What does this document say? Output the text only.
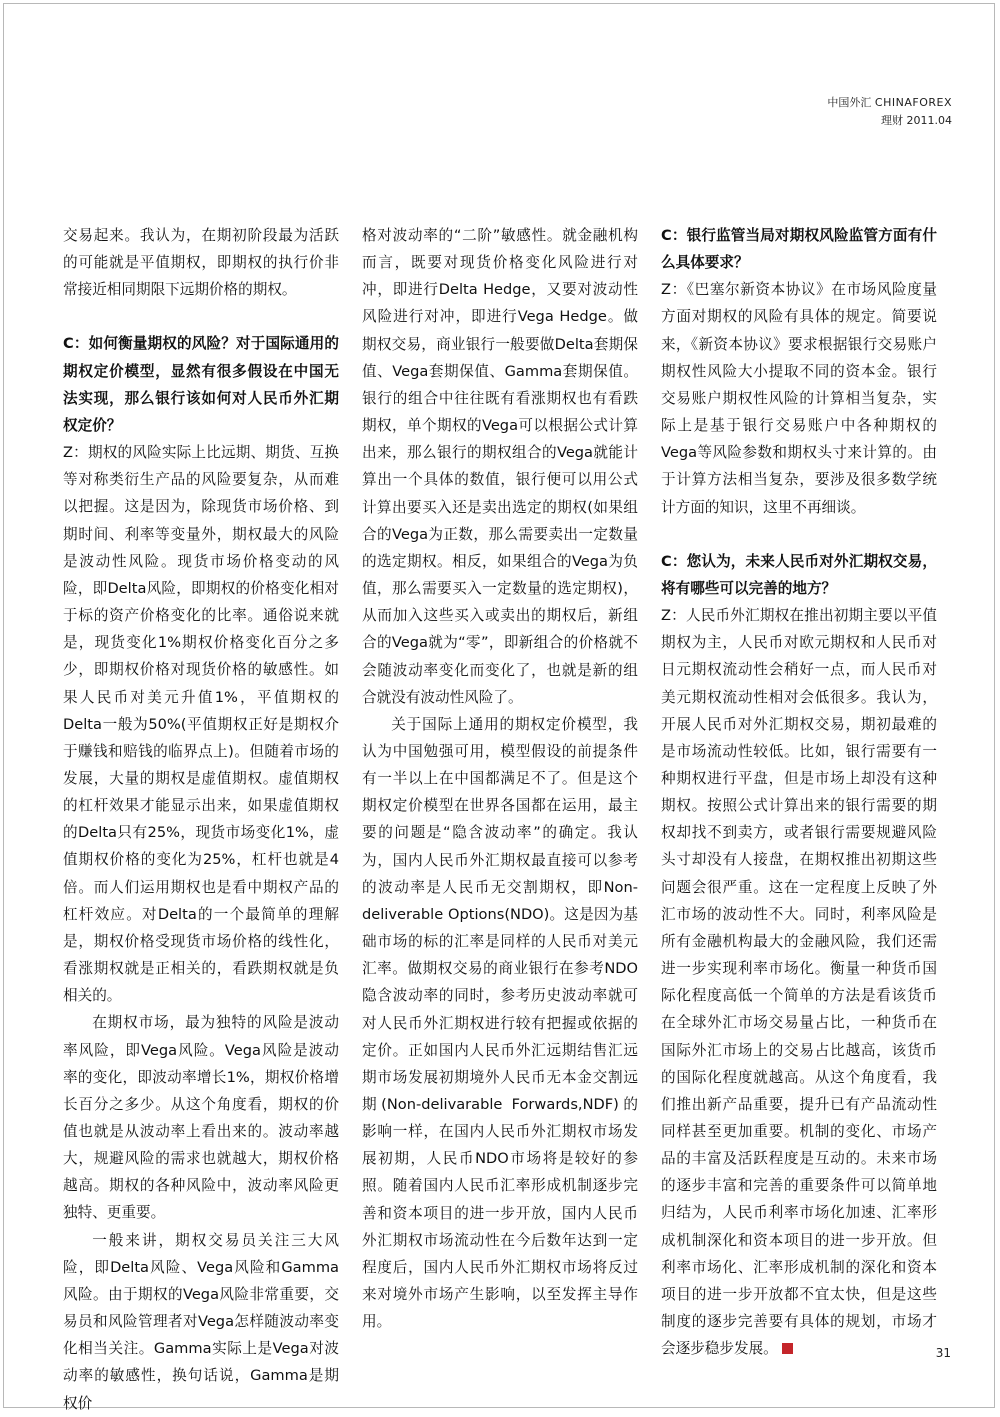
中国外汇 CHINAFOREX
理财 2011.04

交易起来。我认为，在期初阶段最为活跃的可能就是平值期权，即期权的执行价非常接近相同期限下远期价格的期权。

C：如何衡量期权的风险？对于国际通用的期权定价模型，显然有很多假设在中国无法实现，那么银行该如何对人民币外汇期权定价？

Z：期权的风险实际上比远期、期货、互换等对称类衍生产品的风险要复杂，从而难以把握。这是因为，除现货市场价格、到期时间、利率等变量外，期权最大的风险是波动性风险。现货市场价格变动的风险，即Delta风险，即期权的价格变化相对于标的资产价格变化的比率。通俗说来就是，现货变化1%期权价格变化百分之多少，即期权价格对现货价格的敏感性。如果人民币对美元升值1%，平值期权的Delta一般为50%(平值期权正好是期权介于赚钱和赔钱的临界点上)。但随着市场的发展，大量的期权是虚值期权。虚值期权的杠杆效果才能显示出来，如果虚值期权的Delta只有25%，现货市场变化1%，虚值期权价格的变化为25%，杠杆也就是4倍。而人们运用期权也是看中期权产品的杠杆效应。对Delta的一个最简单的理解是，期权价格受现货市场价格的线性化，看涨期权就是正相关的，看跌期权就是负相关的。

在期权市场，最为独特的风险是波动率风险，即Vega风险。Vega风险是波动率的变化，即波动率增长1%，期权价格增长百分之多少。从这个角度看，期权的价值也就是从波动率上看出来的。波动率越大，规避风险的需求也就越大，期权价格越高。期权的各种风险中，波动率风险更独特、更重要。

一般来讲，期权交易员关注三大风险，即Delta风险、Vega风险和Gamma风险。由于期权的Vega风险非常重要，交易员和风险管理者对Vega怎样随波动率变化相当关注。Gamma实际上是Vega对波动率的敏感性，换句话说，Gamma是期权价

格对波动率的“二阶”敏感性。就金融机构而言，既要对现货价格变化风险进行对冲，即进行Delta Hedge，又要对波动性风险进行对冲，即进行Vega Hedge。做期权交易，商业银行一般要做Delta套期保值、Vega套期保值、Gamma套期保值。银行的组合中往往既有看涨期权也有看跌期权，单个期权的Vega可以根据公式计算出来，那么银行的期权组合的Vega就能计算出一个具体的数值，银行便可以用公式计算出要买入还是卖出选定的期权(如果组合的Vega为正数，那么需要卖出一定数量的选定期权。相反，如果组合的Vega为负值，那么需要买入一定数量的选定期权)，从而加入这些买入或卖出的期权后，新组合的Vega就为“零”，即新组合的价格就不会随波动率变化而变化了，也就是新的组合就没有波动性风险了。

关于国际上通用的期权定价模型，我认为中国勉强可用，模型假设的前提条件有一半以上在中国都满足不了。但是这个期权定价模型在世界各国都在运用，最主要的问题是“隐含波动率”的确定。我认为，国内人民币外汇期权最直接可以参考的波动率是人民币无交割期权，即Non-deliverable Options(NDO)。这是因为基础市场的标的汇率是同样的人民币对美元汇率。做期权交易的商业银行在参考NDO隐含波动率的同时，参考历史波动率就可对人民币外汇期权进行较有把握或依据的定价。正如国内人民币外汇远期结售汇远期市场发展初期境外人民币无本金交割远期(Non-delivarable Forwards,NDF)的影响一样，在国内人民币外汇期权市场发展初期，人民币NDO市场将是较好的参照。随着国内人民币汇率形成机制逐步完善和资本项目的进一步开放，国内人民币外汇期权市场流动性在今后数年达到一定程度后，国内人民币外汇期权市场将反过来对境外市场产生影响，以至发挥主导作用。

C：银行监管当局对期权风险监管方面有什么具体要求？

Z：《巴塞尔新资本协议》在市场风险度量方面对期权的风险有具体的规定。简要说来，《新资本协议》要求根据银行交易账户期权性风险大小提取不同的资本金。银行交易账户期权性风险的计算相当复杂，实际上是基于银行交易账户中各种期权的Vega等风险参数和期权头寸来计算的。由于计算方法相当复杂，要涉及很多数学统计方面的知识，这里不再细谈。

C：您认为，未来人民币对外汇期权交易，将有哪些可以完善的地方？

Z：人民币外汇期权在推出初期主要以平值期权为主，人民币对欧元期权和人民币对日元期权流动性会稍好一点，而人民币对美元期权流动性相对会低很多。我认为，开展人民币对外汇期权交易，期初最难的是市场流动性较低。比如，银行需要有一种期权进行平盘，但是市场上却没有这种期权。按照公式计算出来的银行需要的期权却找不到卖方，或者银行需要规避风险头寸却没有人接盘，在期权推出初期这些问题会很严重。这在一定程度上反映了外汇市场的波动性不大。同时，利率风险是所有金融机构最大的金融风险，我们还需进一步实现利率市场化。衡量一种货币国际化程度高低一个简单的方法是看该货币在全球外汇市场交易量占比，一种货币在国际外汇市场上的交易占比越高，该货币的国际化程度就越高。从这个角度看，我们推出新产品重要，提升已有产品流动性同样甚至更加重要。机制的变化、市场产品的丰富及活跃程度是互动的。未来市场的逐步丰富和完善的重要条件可以简单地归结为，人民币利率市场化加速、汇率形成机制深化和资本项目的进一步开放。但利率市场化、汇率形成机制的深化和资本项目的进一步开放都不宜太快，但是这些制度的逐步完善要有具体的规划，市场才会逐步稳步发展。	31
